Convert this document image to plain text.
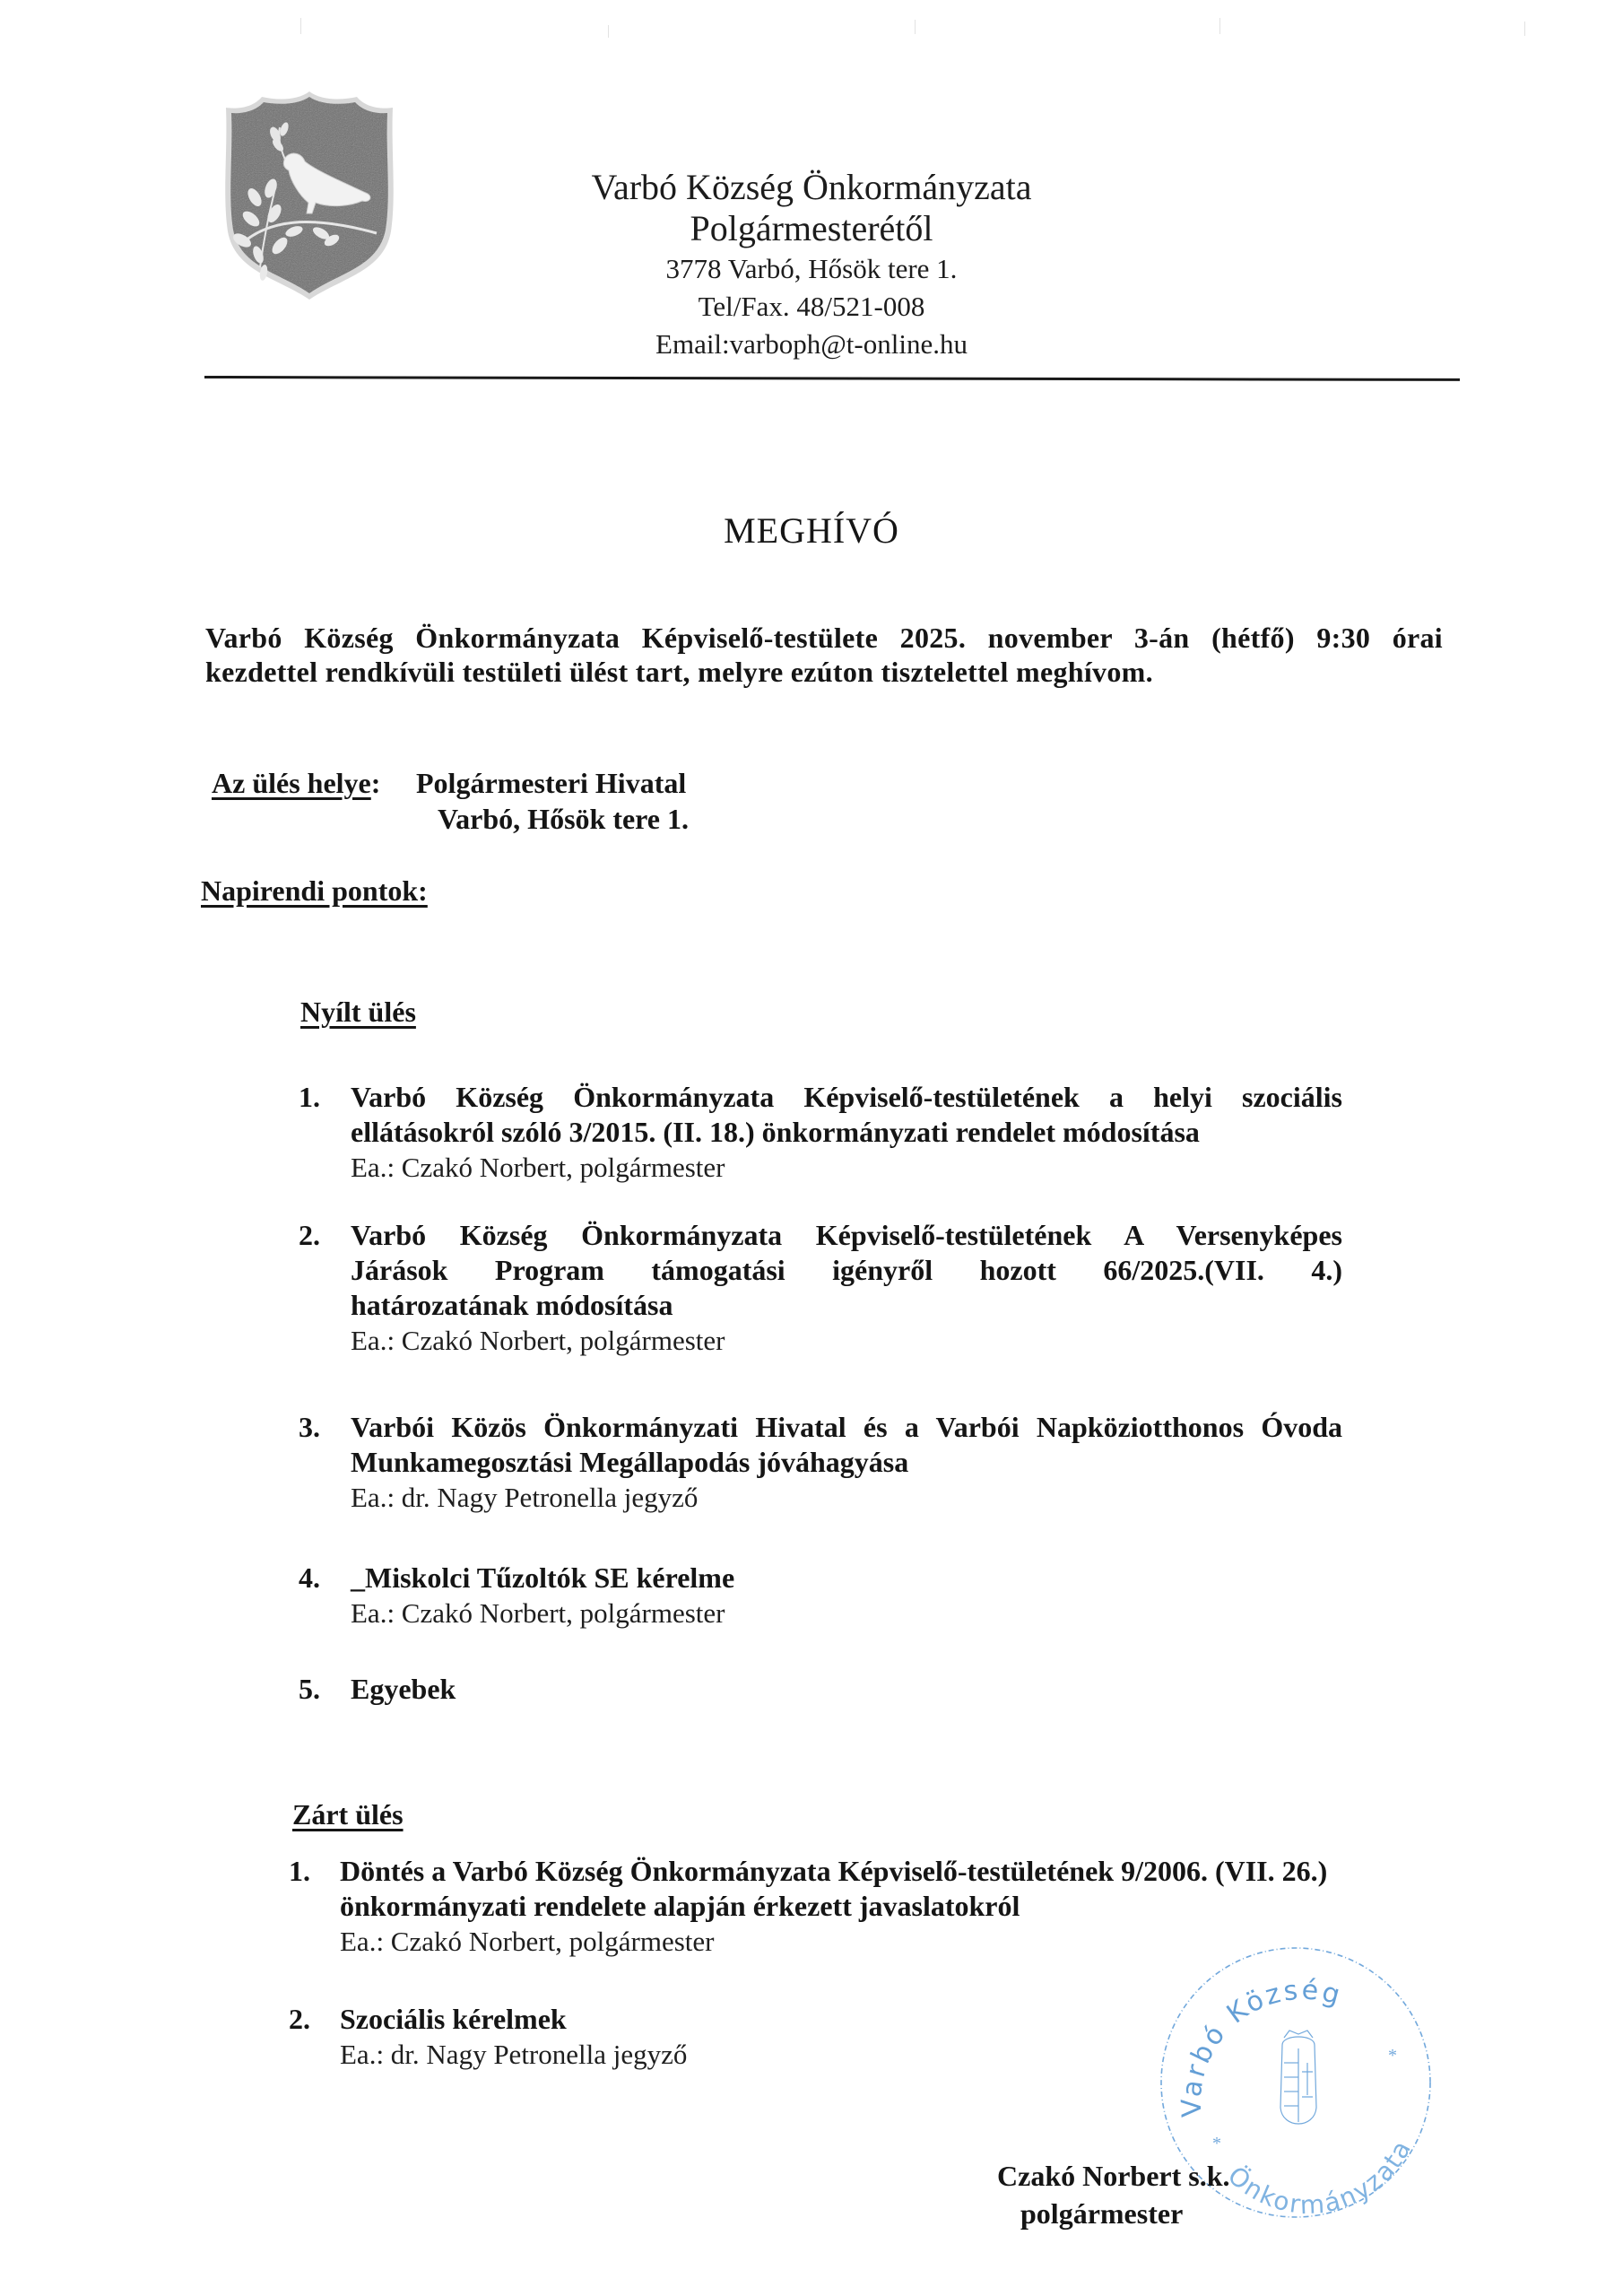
Varbó Község Önkormányzata
Polgármesterétől
3778 Varbó, Hősök tere 1.
Tel/Fax. 48/521-008
Email:varboph@t-online.hu
MEGHÍVÓ
Varbó Község Önkormányzata Képviselő-testülete 2025. november 3-án (hétfő) 9:30 órai
kezdettel rendkívüli testületi ülést tart, melyre ezúton tisztelettel meghívom.
Az ülés helye: Polgármesteri Hivatal
Varbó, Hősök tere 1.
Napirendi pontok:
Nyílt ülés
1. Varbó Község Önkormányzata Képviselő-testületének a helyi szociális
ellátásokról szóló 3/2015. (II. 18.) önkormányzati rendelet módosítása
Ea.: Czakó Norbert, polgármester
2. Varbó Község Önkormányzata Képviselő-testületének A Versenyképes
Járások Program támogatási igényről hozott 66/2025.(VII. 4.)
határozatának módosítása
Ea.: Czakó Norbert, polgármester
3. Varbói Közös Önkormányzati Hivatal és a Varbói Napköziotthonos Óvoda
Munkamegosztási Megállapodás jóváhagyása
Ea.: dr. Nagy Petronella jegyző
4. _Miskolci Tűzoltók SE kérelme
Ea.: Czakó Norbert, polgármester
5. Egyebek
Zárt ülés
1. Döntés a Varbó Község Önkormányzata Képviselő-testületének 9/2006. (VII. 26.)
önkormányzati rendelete alapján érkezett javaslatokról
Ea.: Czakó Norbert, polgármester
2. Szociális kérelmek
Ea.: dr. Nagy Petronella jegyző
Varbó Község
Önkormányzata
*
*
Czakó Norbert s.k.
polgármester
